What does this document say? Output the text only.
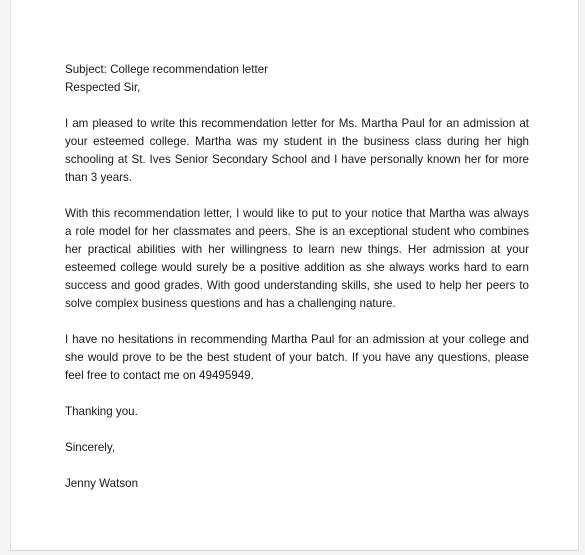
Subject: College recommendation letter
Respected Sir,
I am pleased to write this recommendation letter for Ms. Martha Paul for an admission at your esteemed college. Martha was my student in the business class during her high schooling at St. Ives Senior Secondary School and I have personally known her for more than 3 years.
With this recommendation letter, I would like to put to your notice that Martha was always a role model for her classmates and peers. She is an exceptional student who combines her practical abilities with her willingness to learn new things. Her admission at your esteemed college would surely be a positive addition as she always works hard to earn success and good grades. With good understanding skills, she used to help her peers to solve complex business questions and has a challenging nature.
I have no hesitations in recommending Martha Paul for an admission at your college and she would prove to be the best student of your batch. If you have any questions, please feel free to contact me on 49495949.
Thanking you.
Sincerely,
Jenny Watson
